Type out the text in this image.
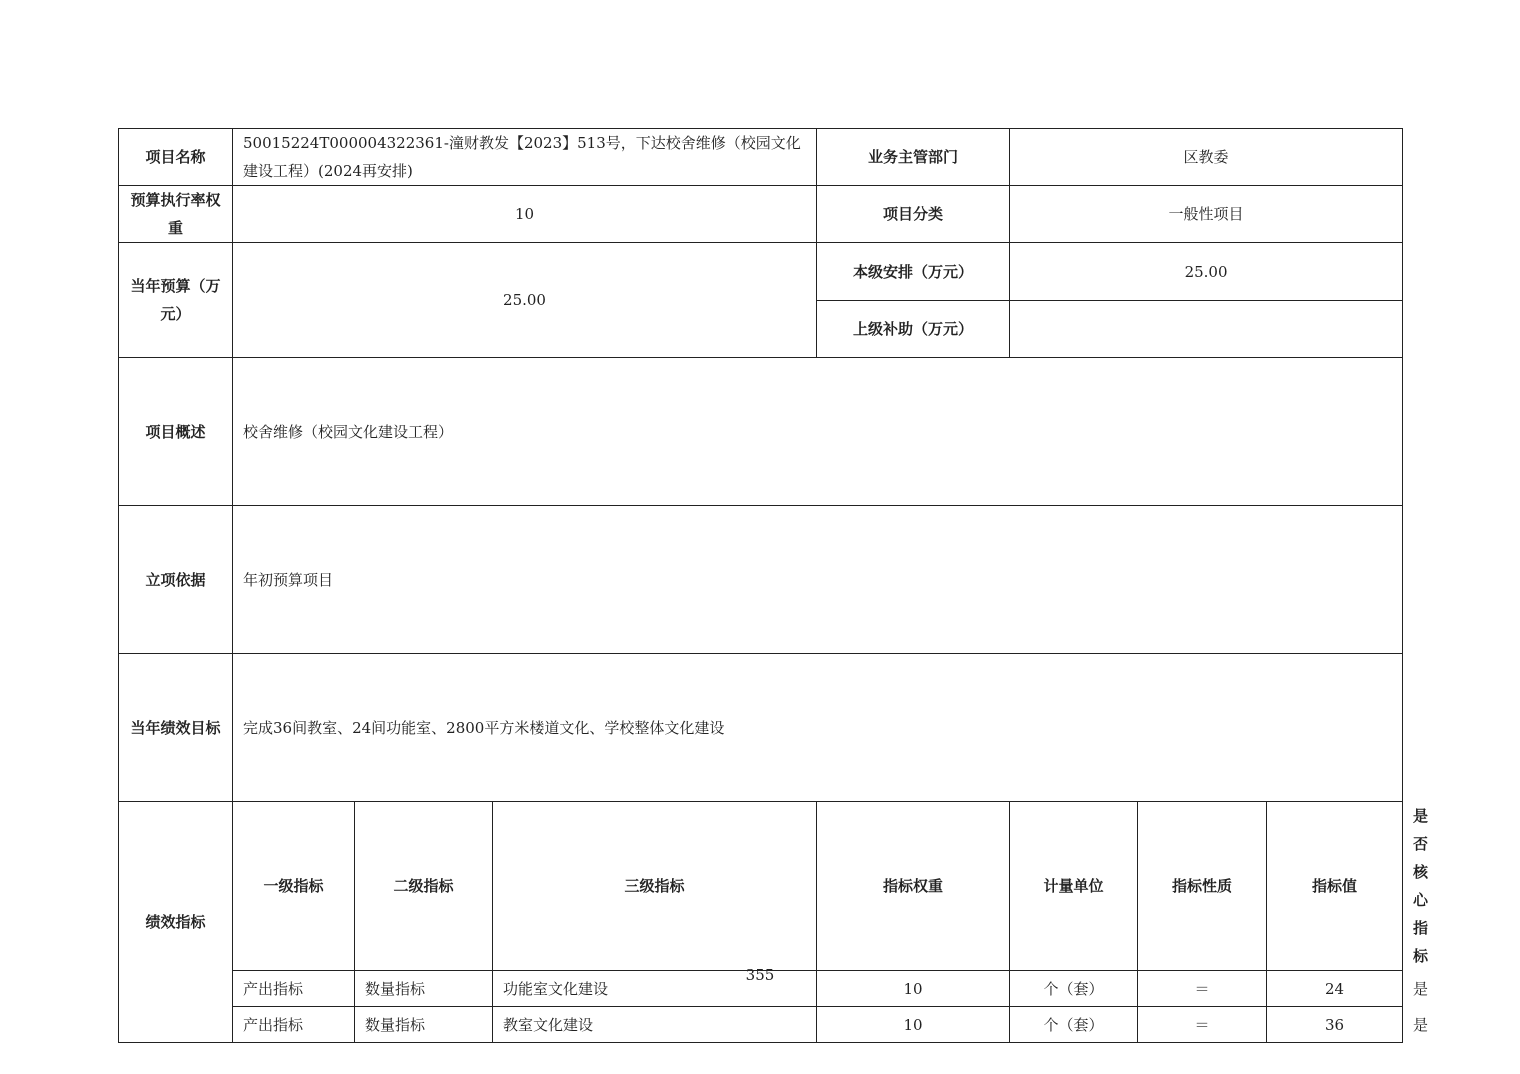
项目名称	50015224T000004322361-潼财教发【2023】513号，下达校舍维修（校园文化建设工程）(2024再安排)			业务主管部门	区教委			
预算执行率权重	10			项目分类	一般性项目			
当年预算（万元）	25.00			本级安排（万元）	25.00			
				上级补助（万元）				
项目概述	校舍维修（校园文化建设工程）							
立项依据	年初预算项目							
当年绩效目标	完成36间教室、24间功能室、2800平方米楼道文化、学校整体文化建设							
绩效指标	一级指标	二级指标	三级指标	指标权重	计量单位	指标性质	指标值	是否核心指标
	产出指标	数量指标	功能室文化建设	10	个（套）	＝	24	是
	产出指标	数量指标	教室文化建设	10	个（套）	＝	36	是
355
